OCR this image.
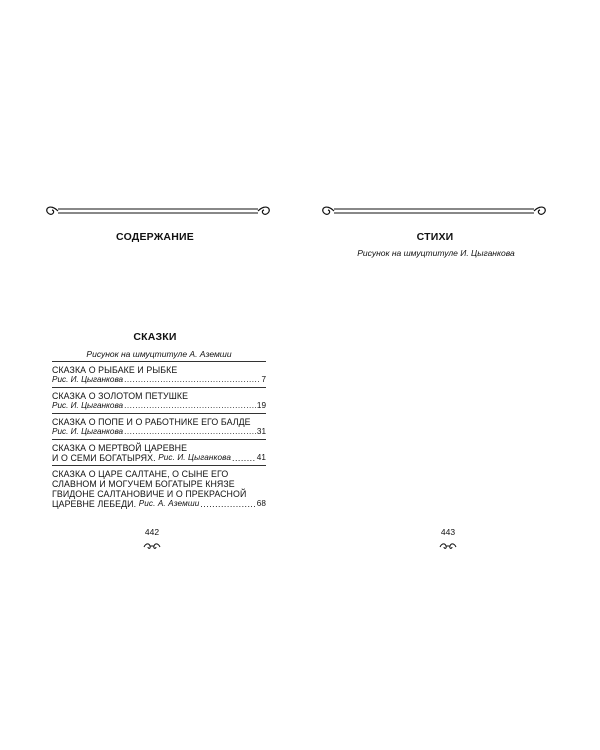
СОДЕРЖАНИЕ
СКАЗКИ
Рисунок на шмуцтитуле А. Аземши
СКАЗКА О РЫБАКЕ И РЫБКЕ
Рис. И. Цыганкова .....	7
СКАЗКА О ЗОЛОТОМ ПЕТУШКЕ
Рис. И. Цыганкова .....	19
СКАЗКА О ПОПЕ И О РАБОТНИКЕ ЕГО БАЛДЕ
Рис. И. Цыганкова .....	31
СКАЗКА О МЕРТВОЙ ЦАРЕВНЕ
И О СЕМИ БОГАТЫРЯХ.
Рис. И. Цыганкова .....	41
СКАЗКА О ЦАРЕ САЛТАНЕ, О СЫНЕ ЕГО
СЛАВНОМ И МОГУЧЕМ БОГАТЫРЕ КНЯЗЕ
ГВИДОНЕ САЛТАНОВИЧЕ И О ПРЕКРАСНОЙ
ЦАРЕВНЕ ЛЕБЕДИ.
Рис. А. Аземши .....	68
442
СТИХИ
Рисунок на шмуцтитуле И. Цыганкова

443
